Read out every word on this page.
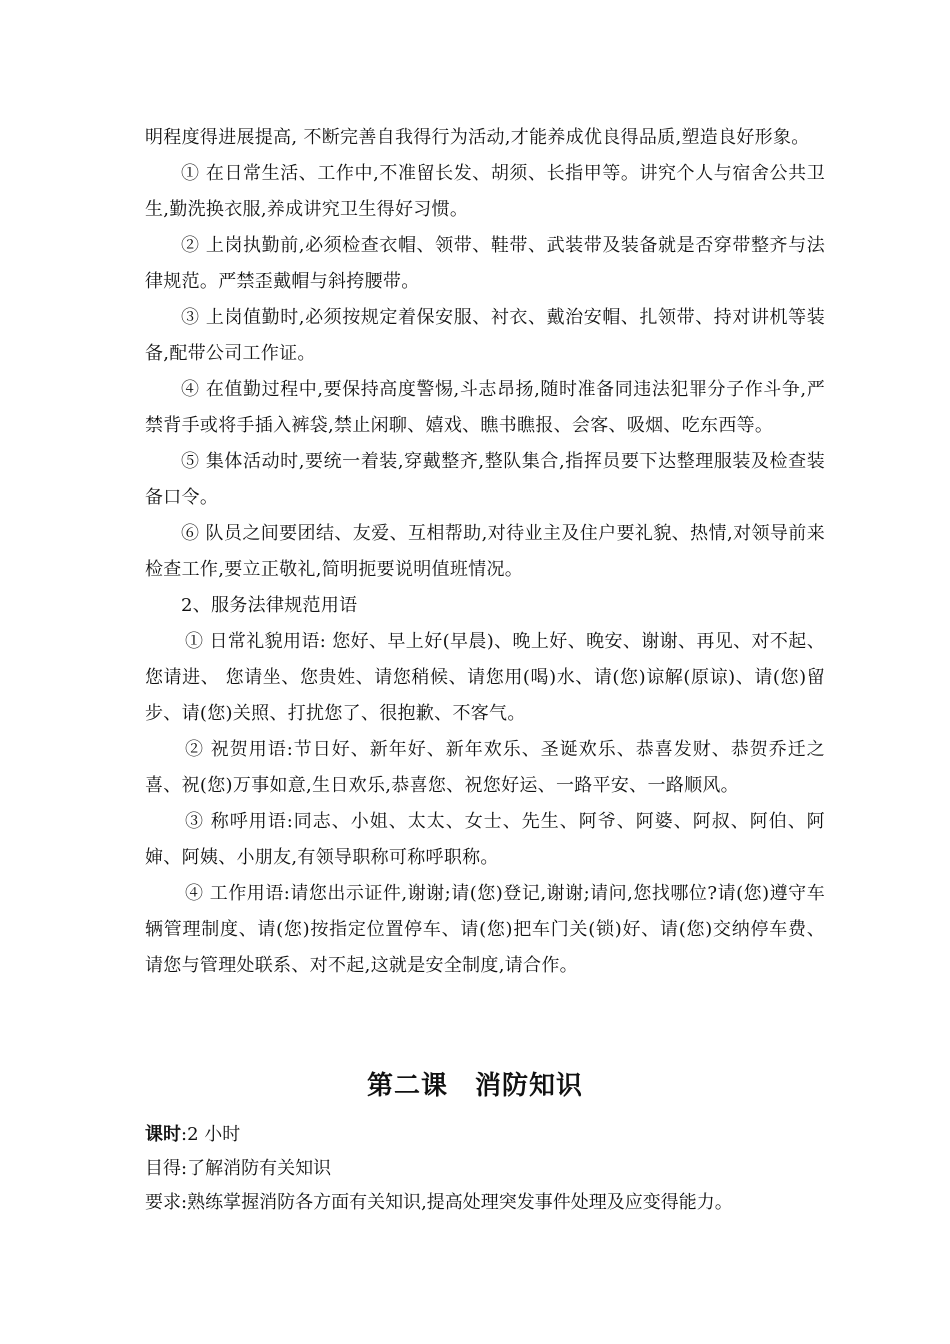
明程度得进展提高, 不断完善自我得行为活动,才能养成优良得品质,塑造良好形象。

① 在日常生活、工作中,不准留长发、胡须、长指甲等。讲究个人与宿舍公共卫生,勤洗换衣服,养成讲究卫生得好习惯。

② 上岗执勤前,必须检查衣帽、领带、鞋带、武装带及装备就是否穿带整齐与法律规范。严禁歪戴帽与斜挎腰带。

③ 上岗值勤时,必须按规定着保安服、衬衣、戴治安帽、扎领带、持对讲机等装备,配带公司工作证。

④ 在值勤过程中,要保持高度警惕,斗志昂扬,随时准备同违法犯罪分子作斗争,严禁背手或将手插入裤袋,禁止闲聊、嬉戏、瞧书瞧报、会客、吸烟、吃东西等。

⑤ 集体活动时,要统一着装,穿戴整齐,整队集合,指挥员要下达整理服装及检查装备口令。

⑥ 队员之间要团结、友爱、互相帮助,对待业主及住户要礼貌、热情,对领导前来检查工作,要立正敬礼,简明扼要说明值班情况。

2、服务法律规范用语

① 日常礼貌用语: 您好、早上好(早晨)、晚上好、晚安、谢谢、再见、对不起、您请进、 您请坐、您贵姓、请您稍候、请您用(喝)水、请(您)谅解(原谅)、请(您)留步、请(您)关照、打扰您了、很抱歉、不客气。

② 祝贺用语:节日好、新年好、新年欢乐、圣诞欢乐、恭喜发财、恭贺乔迁之喜、祝(您)万事如意,生日欢乐,恭喜您、祝您好运、一路平安、一路顺风。

③ 称呼用语:同志、小姐、太太、女士、先生、阿爷、阿婆、阿叔、阿伯、阿婶、阿姨、小朋友,有领导职称可称呼职称。

④ 工作用语:请您出示证件,谢谢;请(您)登记,谢谢;请问,您找哪位?请(您)遵守车辆管理制度、请(您)按指定位置停车、请(您)把车门关(锁)好、请(您)交纳停车费、请您与管理处联系、对不起,这就是安全制度,请合作。

第二课　消防知识

课时:2 小时

目得:了解消防有关知识

要求:熟练掌握消防各方面有关知识,提高处理突发事件处理及应变得能力。
